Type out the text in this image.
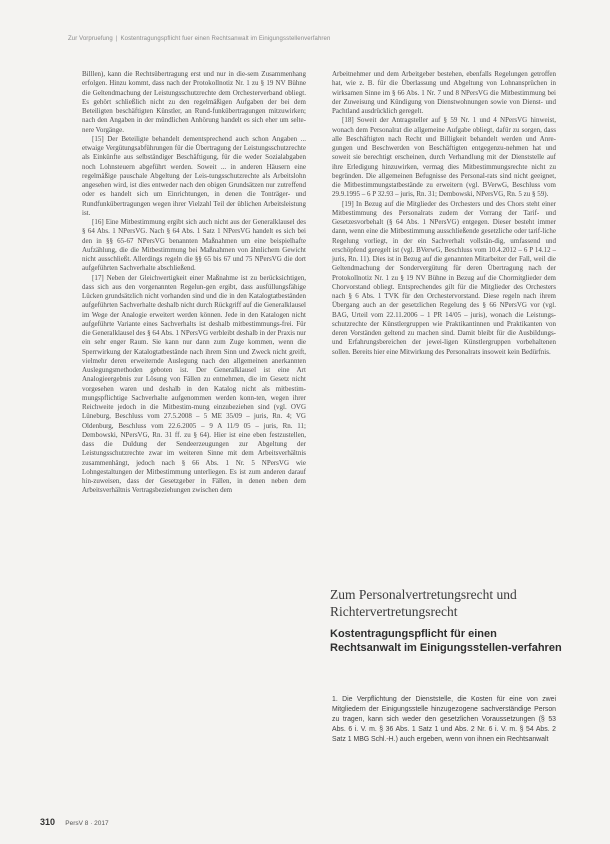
Zur Vorpruefung | Kostentragungspflicht fuer einen Rechtsanwalt im Einigungsstellenverfahren

Billlen), kann die Rechtsübertragung erst und nur in die-sem Zusammenhang erfolgen. Hinzu kommt, dass nach der Protokollnotiz Nr. 1 zu § 19 NV Bühne die Geltendmachung der Leistungsschutzrechte dem Orchesterverband obliegt. Es gehört schließlich nicht zu den regelmäßigen Aufgaben der bei dem Beteiligten beschäftigten Künstler, an Rund-funkübertragungen mitzuwirken; nach den Angaben in der mündlichen Anhörung handelt es sich eher um selte-nere Vorgänge.

[15] Der Beteiligte behandelt dementsprechend auch schon Angaben ... etwaige Vergütungsabführungen für die Übertragung der Leistungsschutzrechte als Einkünfte aus selbständiger Beschäftigung, für die weder Sozialabgaben noch Lohnsteuern abgeführt werden. Soweit ... in anderen Häusern eine regelmäßige pauschale Abgeltung der Leis-tungsschutzrechte als Arbeitslohn angesehen wird, ist dies entweder nach den obigen Grundsätzen nur zutreffend oder es handelt sich um Einrichtungen, in denen die Tonträger- und Rundfunkübertragungen wegen ihrer Vielzahl Teil der üblichen Arbeitsleistung ist.

[16] Eine Mitbestimmung ergibt sich auch nicht aus der Generalklausel des § 64 Abs. 1 NPersVG. Nach § 64 Abs. 1 Satz 1 NPersVG handelt es sich bei den in §§ 65-67 NPersVG benannten Maßnahmen um eine beispielhafte Aufzählung, die die Mitbestimmung bei Maßnahmen von ähnlichem Gewicht nicht ausschließt. Allerdings regeln die §§ 65 bis 67 und 75 NPersVG die dort aufgeführten Sachverhalte abschließend.

[17] Neben der Gleichwertigkeit einer Maßnahme ist zu berücksichtigen, dass sich aus den vorgenannten Regelun-gen ergibt, dass ausfüllungsfähige Lücken grundsätzlich nicht vorhanden sind und die in den Katalogtatbeständen aufgeführten Sachverhalte deshalb nicht durch Rückgriff auf die Generalklausel im Wege der Analogie erweitert werden können. Jede in den Katalogen nicht aufgeführte Variante eines Sachverhalts ist deshalb mitbestimmungs-frei. Für die Generalklausel des § 64 Abs. 1 NPersVG verbleibt deshalb in der Praxis nur ein sehr enger Raum. Sie kann nur dann zum Zuge kommen, wenn die Sperrwirkung der Katalogtatbestände nach ihrem Sinn und Zweck nicht greift, vielmehr deren erweiternde Auslegung nach den allgemeinen anerkannten Auslegungsmethoden geboten ist. Der Generalklausel ist eine Art Analogieergebnis zur Lösung von Fällen zu entnehmen, die im Gesetz nicht vorgesehen waren und deshalb in den Katalog nicht als mitbestim-mungspflichtige Sachverhalte aufgenommen werden konn-ten, wegen ihrer Reichweite jedoch in die Mitbestim-mung einzubeziehen sind (vgl. OVG Lüneburg, Beschluss vom 27.5.2008 – 5 ME 35/09 – juris, Rn. 4; VG Oldenburg, Beschluss vom 22.6.2005 – 9 A 11/9 05 – juris, Rn. 11; Dembowski, NPersVG, Rn. 31 ff. zu § 64). Hier ist eine eben festzustellen, dass die Duldung der Sendeerzeugungen zur Abgeltung der Leistungsschutzrechte zwar im weiteren Sinne mit dem Arbeitsverhältnis zusammenhängt, jedoch nach § 66 Abs. 1 Nr. 5 NPersVG wie Lohngestaltungen der Mitbestimmung unterliegen. Es ist zum anderen darauf hin-zuweisen, dass der Gesetzgeber in Fällen, in denen neben dem Arbeitsverhältnis Vertragsbeziehungen zwischen dem

Arbeitnehmer und dem Arbeitgeber bestehen, ebenfalls Regelungen getroffen hat, wie z. B. für die Überlassung und Abgeltung von Lohnansprüchen in wirksamen Sinne im § 66 Abs. 1 Nr. 7 und 8 NPersVG die Mitbestimmung bei der Zuweisung und Kündigung von Dienstwohnungen sowie von Dienst- und Pachtland ausdrücklich geregelt.

[18] Soweit der Antragsteller auf § 59 Nr. 1 und 4 NPersVG hinweist, wonach dem Personalrat die allgemeine Aufgabe obliegt, dafür zu sorgen, dass alle Beschäftigten nach Recht und Billigkeit behandelt werden und Anre-gungen und Beschwerden von Beschäftigten entgegenzu-nehmen hat und soweit sie berechtigt erscheinen, durch Verhandlung mit der Dienststelle auf ihre Erledigung hinzuwirken, vermag dies Mitbestimmungsrechte nicht zu begründen. Die allgemeinen Befugnisse des Personal-rats sind nicht geeignet, die Mitbestimmungstatbestände zu erweitern (vgl. BVerwG, Beschluss vom 29.9.1995 – 6 P 32.93 – juris, Rn. 31; Dembowski, NPersVG, Rn. 5 zu § 59).

[19] In Bezug auf die Mitglieder des Orchesters und des Chors steht einer Mitbestimmung des Personalrats zudem der Vorrang der Tarif- und Gesetzesvorbehalt (§ 64 Abs. 1 NPersVG) entgegen. Dieser besteht immer dann, wenn eine die Mitbestimmung ausschließende gesetzliche oder tarif-liche Regelung vorliegt, in der ein Sachverhalt vollstän-dig, umfassend und erschöpfend geregelt ist (vgl. BVerwG, Beschluss vom 10.4.2012 – 6 P 14.12 – juris, Rn. 11). Dies ist in Bezug auf die genannten Mitarbeiter der Fall, weil die Geltendmachung der Sondervergütung für deren Übertragung nach der Protokollnotiz Nr. 1 zu § 19 NV Bühne in Bezug auf die Chormitglieder dem Chorvorstand obliegt. Entsprechendes gilt für die Mitglieder des Orchesters nach § 6 Abs. 1 TVK für den Orchestervorstand. Diese regeln nach ihrem Übergang auch an der gesetzlichen Regelung des § 66 NPersVG vor (vgl. BAG, Urteil vom 22.11.2006 – 1 PR 14/05 – juris), wonach die Leistungs-schutzrechte der Künstlergruppen wie Praktikantinnen und Praktikanten von deren Vorständen geltend zu machen sind. Damit bleibt für die Ausbildungs- und Erfahrungsbereichen der jewei-ligen Künstlergruppen vorbehaltenen sollen. Bereits hier eine Mitwirkung des Personalrats insoweit kein Bedürfnis.

Zum Personalvertretungsrecht und Richtervertretungsrecht
Kostentragungspflicht für einen Rechtsanwalt im Einigungsstellen-verfahren
1. Die Verpflichtung der Dienststelle, die Kosten für eine von zwei Mitgliedern der Einigungsstelle hinzugezogene sachverständige Person zu tragen, kann sich weder den gesetzlichen Voraussetzungen (§ 53 Abs. 6 i. V. m. § 36 Abs. 1 Satz 1 und Abs. 2 Nr. 6 i. V. m. § 54 Abs. 2 Satz 1 MBG Schl.-H.) auch ergeben, wenn von ihnen ein Rechtsanwalt
310 PersV 8 · 2017
